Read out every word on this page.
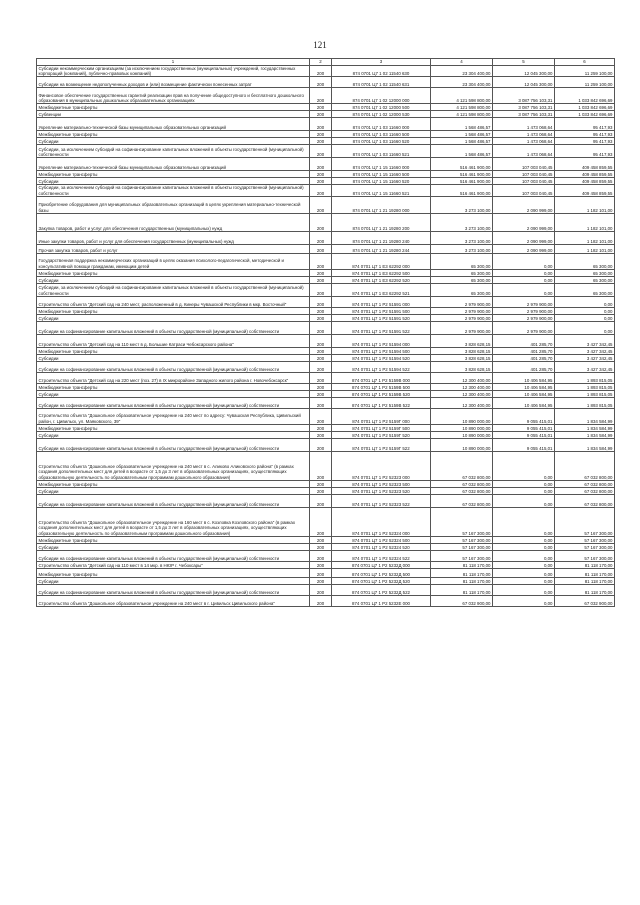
121
1	2	3	4	5	6
Субсидии некоммерческим организациям (за исключением государственных (муниципальных) учреждений, государственных корпораций (компаний), публично-правовых компаний)	200	874 0701 Ц7 1 02 11540 630	23 304 400,00	12 045 300,00	11 259 100,00
Субсидии на возмещение недополученных доходов и (или) возмещение фактически понесенных затрат	200	874 0701 Ц7 1 02 11540 631	23 304 400,00	12 045 300,00	11 259 100,00
Финансовое обеспечение государственных гарантий реализации прав на получение общедоступного и бесплатного дошкольного образования в муниципальных дошкольных образовательных организациях	200	874 0701 Ц7 1 02 12000 000	4 121 598 800,00	3 087 756 103,31	1 033 842 696,69
Межбюджетные трансферты	200	874 0701 Ц7 1 02 12000 500	4 121 598 800,00	3 087 756 103,31	1 033 842 696,69
Субвенции	200	874 0701 Ц7 1 02 12000 530	4 121 598 800,00	3 087 756 103,31	1 033 842 696,69
Укрепление материально-технической базы муниципальных образовательных организаций	200	874 0701 Ц7 1 03 11660 000	1 568 486,57	1 473 068,64	95 417,93
Межбюджетные трансферты	200	874 0701 Ц7 1 03 11660 500	1 568 486,57	1 473 068,64	95 417,93
Субсидии	200	874 0701 Ц7 1 03 11660 520	1 568 486,57	1 473 068,64	95 417,93
Субсидии, за исключением субсидий на софинансирование капитальных вложений в объекты государственной (муниципальной) собственности	200	874 0701 Ц7 1 03 11660 521	1 568 486,57	1 473 068,64	95 417,93
Укрепление материально-технической базы муниципальных образовательных организаций	200	874 0701 Ц7 1 15 11660 000	516 461 900,00	107 003 040,45	409 458 859,55
Межбюджетные трансферты	200	874 0701 Ц7 1 15 11660 500	516 461 900,00	107 003 040,45	409 458 859,55
Субсидии	200	874 0701 Ц7 1 15 11660 520	516 461 900,00	107 003 040,45	409 458 859,55
Субсидии, за исключением субсидий на софинансирование капитальных вложений в объекты государственной (муниципальной) собственности	200	874 0701 Ц7 1 15 11660 521	516 461 900,00	107 003 040,45	409 458 859,55
Приобретение оборудования для муниципальных образовательных организаций в целях укрепления материально-технической базы	200	874 0701 Ц7 1 21 19280 000	3 273 100,00	2 090 999,00	1 182 101,00
Закупка товаров, работ и услуг для обеспечения государственных (муниципальных) нужд	200	874 0701 Ц7 1 21 19280 200	3 273 100,00	2 090 999,00	1 182 101,00
Иные закупки товаров, работ и услуг для обеспечения государственных (муниципальных) нужд	200	874 0701 Ц7 1 21 19280 240	3 273 100,00	2 090 999,00	1 182 101,00
Прочая закупка товаров, работ и услуг	200	874 0701 Ц7 1 21 19280 244	3 273 100,00	2 090 999,00	1 182 101,00
Государственная поддержка некоммерческих организаций в целях оказания психолого-педагогической, методической и консультативной помощи гражданам, имеющим детей	200	874 0701 Ц7 1 Е3 62292 000	65 300,00	0,00	65 300,00
Межбюджетные трансферты	200	874 0701 Ц7 1 Е3 62292 500	65 300,00	0,00	65 300,00
Субсидии	200	874 0701 Ц7 1 Е3 62292 520	65 300,00	0,00	65 300,00
Субсидии, за исключением субсидий на софинансирование капитальных вложений в объекты государственной (муниципальной) собственности	200	874 0701 Ц7 1 Е3 62292 521	65 300,00	0,00	65 300,00
Строительство объекта "Детский сад на 240 мест, расположенный в д. Кинеры Чувашской Республики в мкр. Восточный"	200	874 0701 Ц7 1 Р2 51591 000	2 979 900,00	2 979 900,00	0,00
Межбюджетные трансферты	200	874 0701 Ц7 1 Р2 51591 500	2 979 900,00	2 979 900,00	0,00
Субсидии	200	874 0701 Ц7 1 Р2 51591 520	2 979 900,00	2 979 900,00	0,00
Субсидии на софинансирование капитальных вложений в объекты государственной (муниципальной) собственности	200	874 0701 Ц7 1 Р2 51591 522	2 979 900,00	2 979 900,00	0,00
Строительство объекта "Детский сад на 110 мест в д. Большие Катраси Чебоксарского района"	200	874 0701 Ц7 1 Р2 51594 000	3 828 628,15	401 285,70	3 427 342,45
Межбюджетные трансферты	200	874 0701 Ц7 1 Р2 51594 500	3 828 628,15	401 285,70	3 427 342,45
Субсидии	200	874 0701 Ц7 1 Р2 51594 520	3 828 628,15	401 285,70	3 427 342,45
Субсидии на софинансирование капитальных вложений в объекты государственной (муниципальной) собственности	200	874 0701 Ц7 1 Р2 51594 522	3 828 628,15	401 285,70	3 427 342,45
Строительство объекта "Детский сад на 220 мест (поз. 27) в IX микрорайоне Западного жилого района г. Новочебоксарск"	200	874 0701 Ц7 1 Р2 5159B 000	12 300 400,00	10 406 584,95	1 893 815,05
Межбюджетные трансферты	200	874 0701 Ц7 1 Р2 5159B 500	12 300 400,00	10 406 584,95	1 893 815,05
Субсидии	200	874 0701 Ц7 1 Р2 5159B 520	12 300 400,00	10 406 584,95	1 893 815,05
Субсидии на софинансирование капитальных вложений в объекты государственной (муниципальной) собственности	200	874 0701 Ц7 1 Р2 5159B 522	12 300 400,00	10 406 584,95	1 893 815,05
Строительство объекта "Дошкольное образовательное учреждение на 240 мест по адресу: Чувашская Республика, Цивильский район, г. Цивильск, ул. Маяковского, 39"	200	874 0701 Ц7 1 Р2 5159Г 000	10 890 000,00	9 055 415,01	1 834 584,99
Межбюджетные трансферты	200	874 0701 Ц7 1 Р2 5159Г 500	10 890 000,00	9 055 415,01	1 834 584,99
Субсидии	200	874 0701 Ц7 1 Р2 5159Г 520	10 890 000,00	9 055 415,01	1 834 584,99
Субсидии на софинансирование капитальных вложений в объекты государственной (муниципальной) собственности	200	874 0701 Ц7 1 Р2 5159Г 522	10 890 000,00	9 055 415,01	1 834 584,99
Строительство объекта "Дошкольное образовательное учреждение на 240 мест в с. Аликово Аликовского района" (в рамках создания дополнительных мест для детей в возрасте от 1,5 до 3 лет в образовательных организациях, осуществляющих образовательную деятельность по образовательным программам дошкольного образования)	200	874 0701 Ц7 1 Р2 52323 000	67 032 800,00	0,00	67 032 800,00
Межбюджетные трансферты	200	874 0701 Ц7 1 Р2 52323 500	67 032 800,00	0,00	67 032 800,00
Субсидии	200	874 0701 Ц7 1 Р2 52323 520	67 032 800,00	0,00	67 032 800,00
Субсидии на софинансирование капитальных вложений в объекты государственной (муниципальной) собственности	200	874 0701 Ц7 1 Р2 52323 522	67 032 800,00	0,00	67 032 800,00
Строительство объекта "Дошкольное образовательное учреждение на 160 мест в с. Козловка Козловского района" (в рамках создания дополнительных мест для детей в возрасте от 1,5 до 3 лет в образовательных организациях, осуществляющих образовательную деятельность по образовательным программам дошкольного образования)	200	874 0701 Ц7 1 Р2 52324 000	57 167 300,00	0,00	57 167 300,00
Межбюджетные трансферты	200	874 0701 Ц7 1 Р2 52324 500	57 167 300,00	0,00	57 167 300,00
Субсидии	200	874 0701 Ц7 1 Р2 52324 520	57 167 300,00	0,00	57 167 300,00
Субсидии на софинансирование капитальных вложений в объекты государственной (муниципальной) собственности	200	874 0701 Ц7 1 Р2 52324 522	57 167 300,00	0,00	57 167 300,00
Строительство объекта "Детский сад на 110 мест в 14 мкр. в НЮР г. Чебоксары"	200	874 0701 Ц7 1 Р2 5232Д 000	81 118 170,00	0,00	81 118 170,00
Межбюджетные трансферты	200	874 0701 Ц7 1 Р2 5232Д 500	81 118 170,00	0,00	81 118 170,00
Субсидии	200	874 0701 Ц7 1 Р2 5232Д 520	81 118 170,00	0,00	81 118 170,00
Субсидии на софинансирование капитальных вложений в объекты государственной (муниципальной) собственности	200	874 0701 Ц7 1 Р2 5232Д 522	81 118 170,00	0,00	81 118 170,00
Строительство объекта "Дошкольное образовательное учреждение на 240 мест в г. Цивильск Цивильского района"	200	874 0701 Ц7 1 Р2 5232Е 000	67 032 900,00	0,00	67 032 900,00
